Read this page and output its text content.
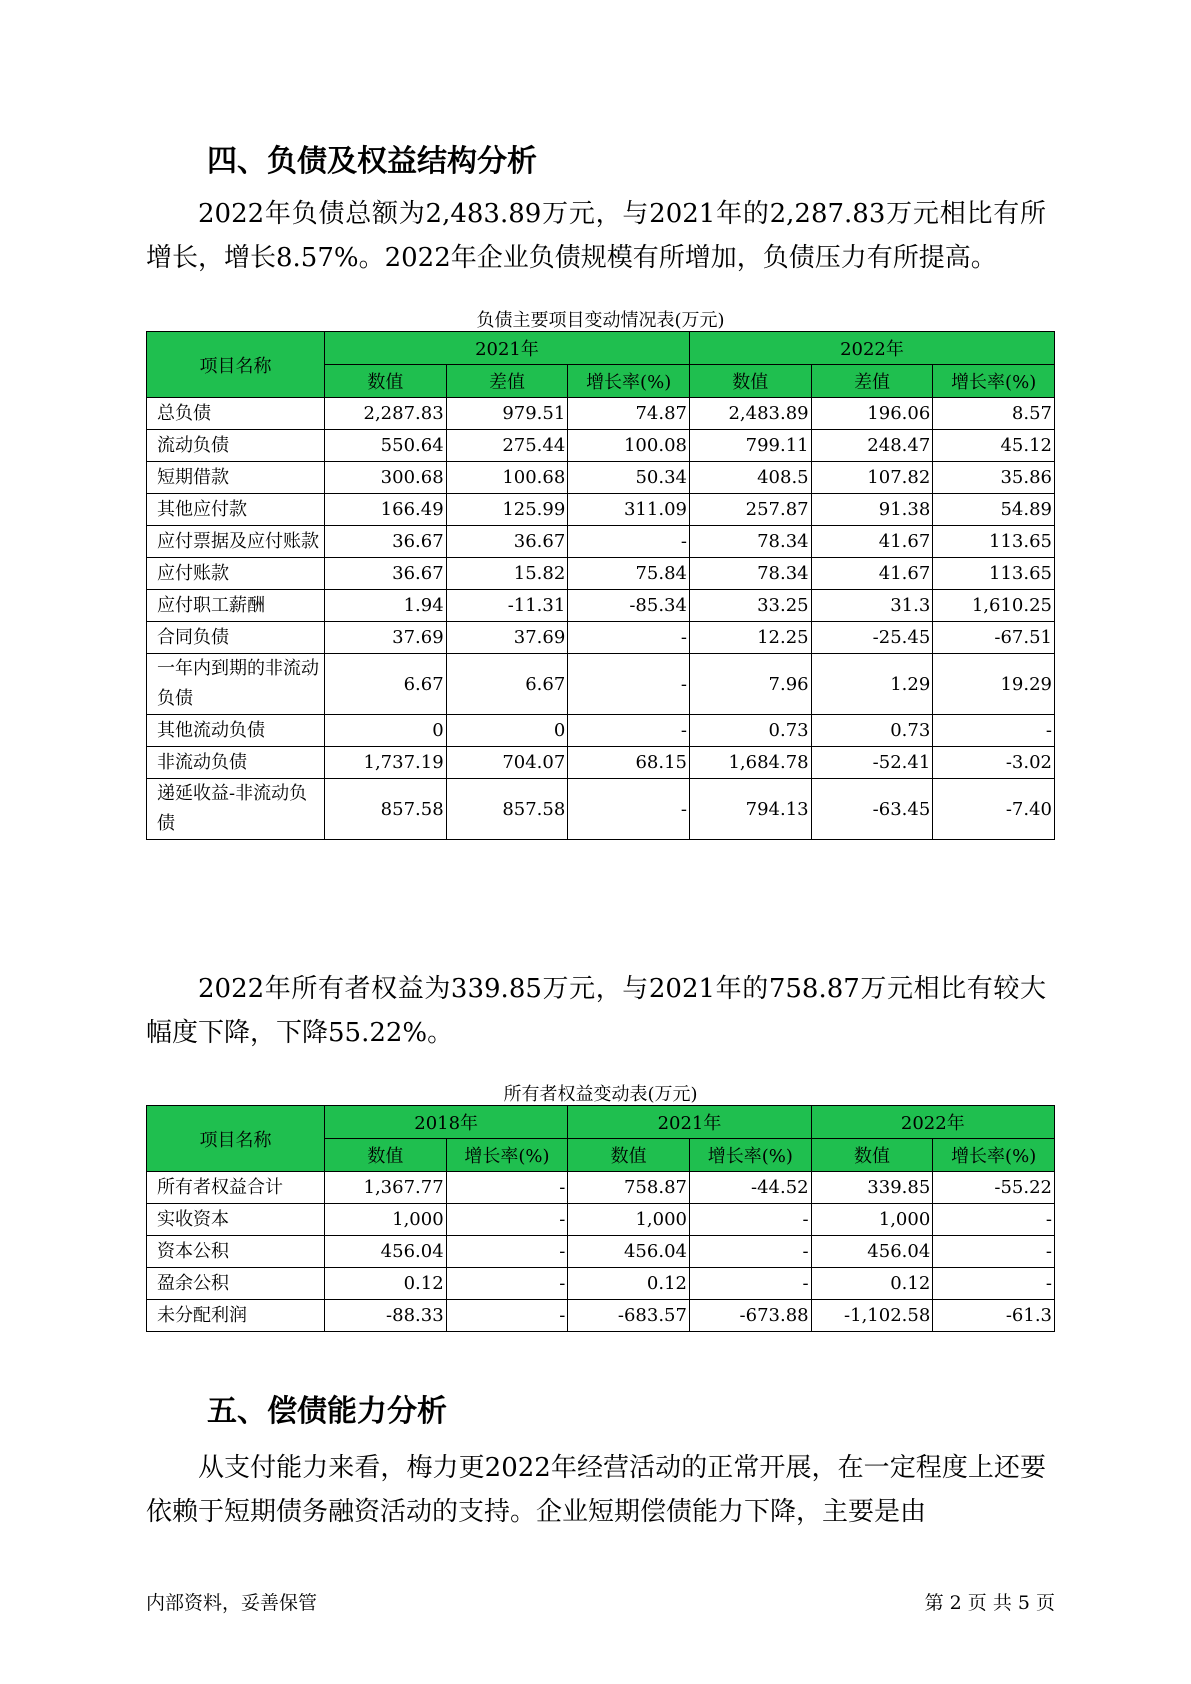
四、负债及权益结构分析

2022年负债总额为2,483.89万元，与2021年的2,287.83万元相比有所增长，增长8.57%。2022年企业负债规模有所增加，负债压力有所提高。

负债主要项目变动情况表(万元)

项目名称	2021年			2022年		
	数值	差值	增长率(%)	数值	差值	增长率(%)
总负债	2,287.83	979.51	74.87	2,483.89	196.06	8.57
流动负债	550.64	275.44	100.08	799.11	248.47	45.12
短期借款	300.68	100.68	50.34	408.5	107.82	35.86
其他应付款	166.49	125.99	311.09	257.87	91.38	54.89
应付票据及应付账款	36.67	36.67	-	78.34	41.67	113.65
应付账款	36.67	15.82	75.84	78.34	41.67	113.65
应付职工薪酬	1.94	-11.31	-85.34	33.25	31.3	1,610.25
合同负债	37.69	37.69	-	12.25	-25.45	-67.51
一年内到期的非流动负债	6.67	6.67	-	7.96	1.29	19.29
其他流动负债	0	0	-	0.73	0.73	-
非流动负债	1,737.19	704.07	68.15	1,684.78	-52.41	-3.02
递延收益-非流动负债	857.58	857.58	-	794.13	-63.45	-7.40

2022年所有者权益为339.85万元，与2021年的758.87万元相比有较大幅度下降，下降55.22%。

所有者权益变动表(万元)

项目名称	2018年		2021年		2022年	
	数值	增长率(%)	数值	增长率(%)	数值	增长率(%)
所有者权益合计	1,367.77	-	758.87	-44.52	339.85	-55.22
实收资本	1,000	-	1,000	-	1,000	-
资本公积	456.04	-	456.04	-	456.04	-
盈余公积	0.12	-	0.12	-	0.12	-
未分配利润	-88.33	-	-683.57	-673.88	-1,102.58	-61.3
五、偿债能力分析

从支付能力来看，梅力更2022年经营活动的正常开展，在一定程度上还要依赖于短期债务融资活动的支持。企业短期偿债能力下降，主要是由

内部资料，妥善保管	第 2 页 共 5 页
